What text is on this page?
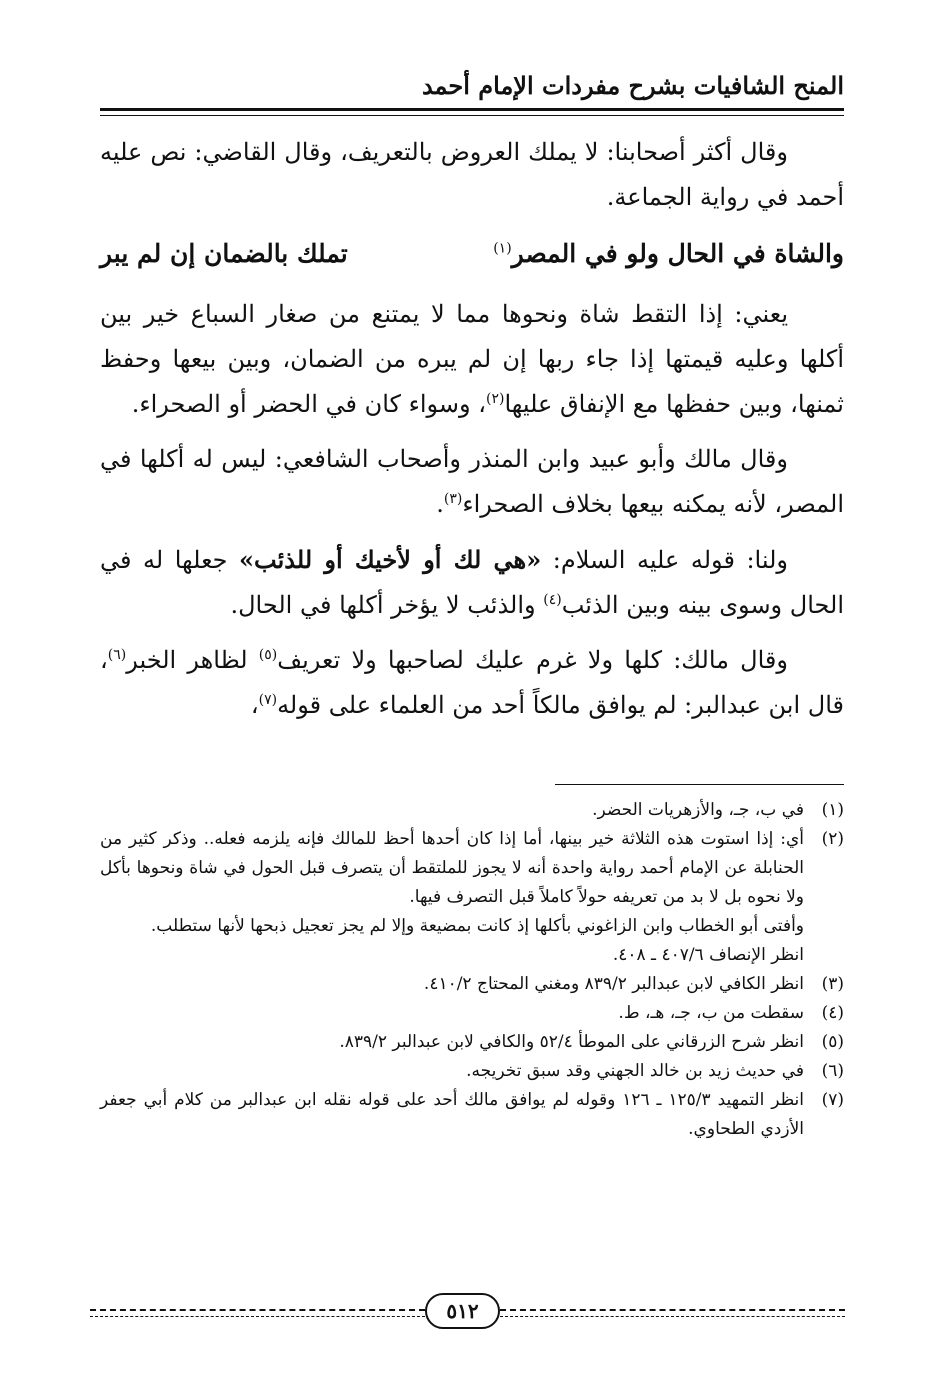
المنح الشافيات بشرح مفردات الإمام أحمد

وقال أكثر أصحابنا: لا يملك العروض بالتعريف، وقال القاضي: نص عليه أحمد في رواية الجماعة.

والشاة في الحال ولو في المصر$^{(١)}$
تملك بالضمان إن لم يبر

يعني: إذا التقط شاة ونحوها مما لا يمتنع من صغار السباع خير بين أكلها وعليه قيمتها إذا جاء ربها إن لم يبره من الضمان، وبين بيعها وحفظ ثمنها، وبين حفظها مع الإنفاق عليها$^{(٢)}$، وسواء كان في الحضر أو الصحراء.

وقال مالك وأبو عبيد وابن المنذر وأصحاب الشافعي: ليس له أكلها في المصر، لأنه يمكنه بيعها بخلاف الصحراء$^{(٣)}$.

ولنا: قوله عليه السلام: «هي لك أو لأخيك أو للذئب» جعلها له في الحال وسوى بينه وبين الذئب$^{(٤)}$ والذئب لا يؤخر أكلها في الحال.

وقال مالك: كلها ولا غرم عليك لصاحبها ولا تعريف$^{(٥)}$ لظاهر الخبر$^{(٦)}$، قال ابن عبدالبر: لم يوافق مالكاً أحد من العلماء على قوله$^{(٧)}$،

(١)
في ب، جـ، والأزهريات الحضر.
(٢)
أي: إذا استوت هذه الثلاثة خير بينها، أما إذا كان أحدها أحظ للمالك فإنه يلزمه فعله.. وذكر كثير من الحنابلة عن الإمام أحمد رواية واحدة أنه لا يجوز للملتقط أن يتصرف قبل الحول في شاة ونحوها بأكل ولا نحوه بل لا بد من تعريفه حولاً كاملاً قبل التصرف فيها.
وأفتى أبو الخطاب وابن الزاغوني بأكلها إذ كانت بمضيعة وإلا لم يجز تعجيل ذبحها لأنها ستطلب.
انظر الإنصاف ٤٠٧/٦ ـ ٤٠٨.
(٣)
انظر الكافي لابن عبدالبر ٨٣٩/٢ ومغني المحتاج ٤١٠/٢.
(٤)
سقطت من ب، جـ، هـ، ط.
(٥)
انظر شرح الزرقاني على الموطأ ٥٢/٤ والكافي لابن عبدالبر ٨٣٩/٢.
(٦)
في حديث زيد بن خالد الجهني وقد سبق تخريجه.
(٧)
انظر التمهيد ١٢٥/٣ ـ ١٢٦ وقوله لم يوافق مالك أحد على قوله نقله ابن عبدالبر من كلام أبي جعفر الأزدي الطحاوي.
٥١٢
